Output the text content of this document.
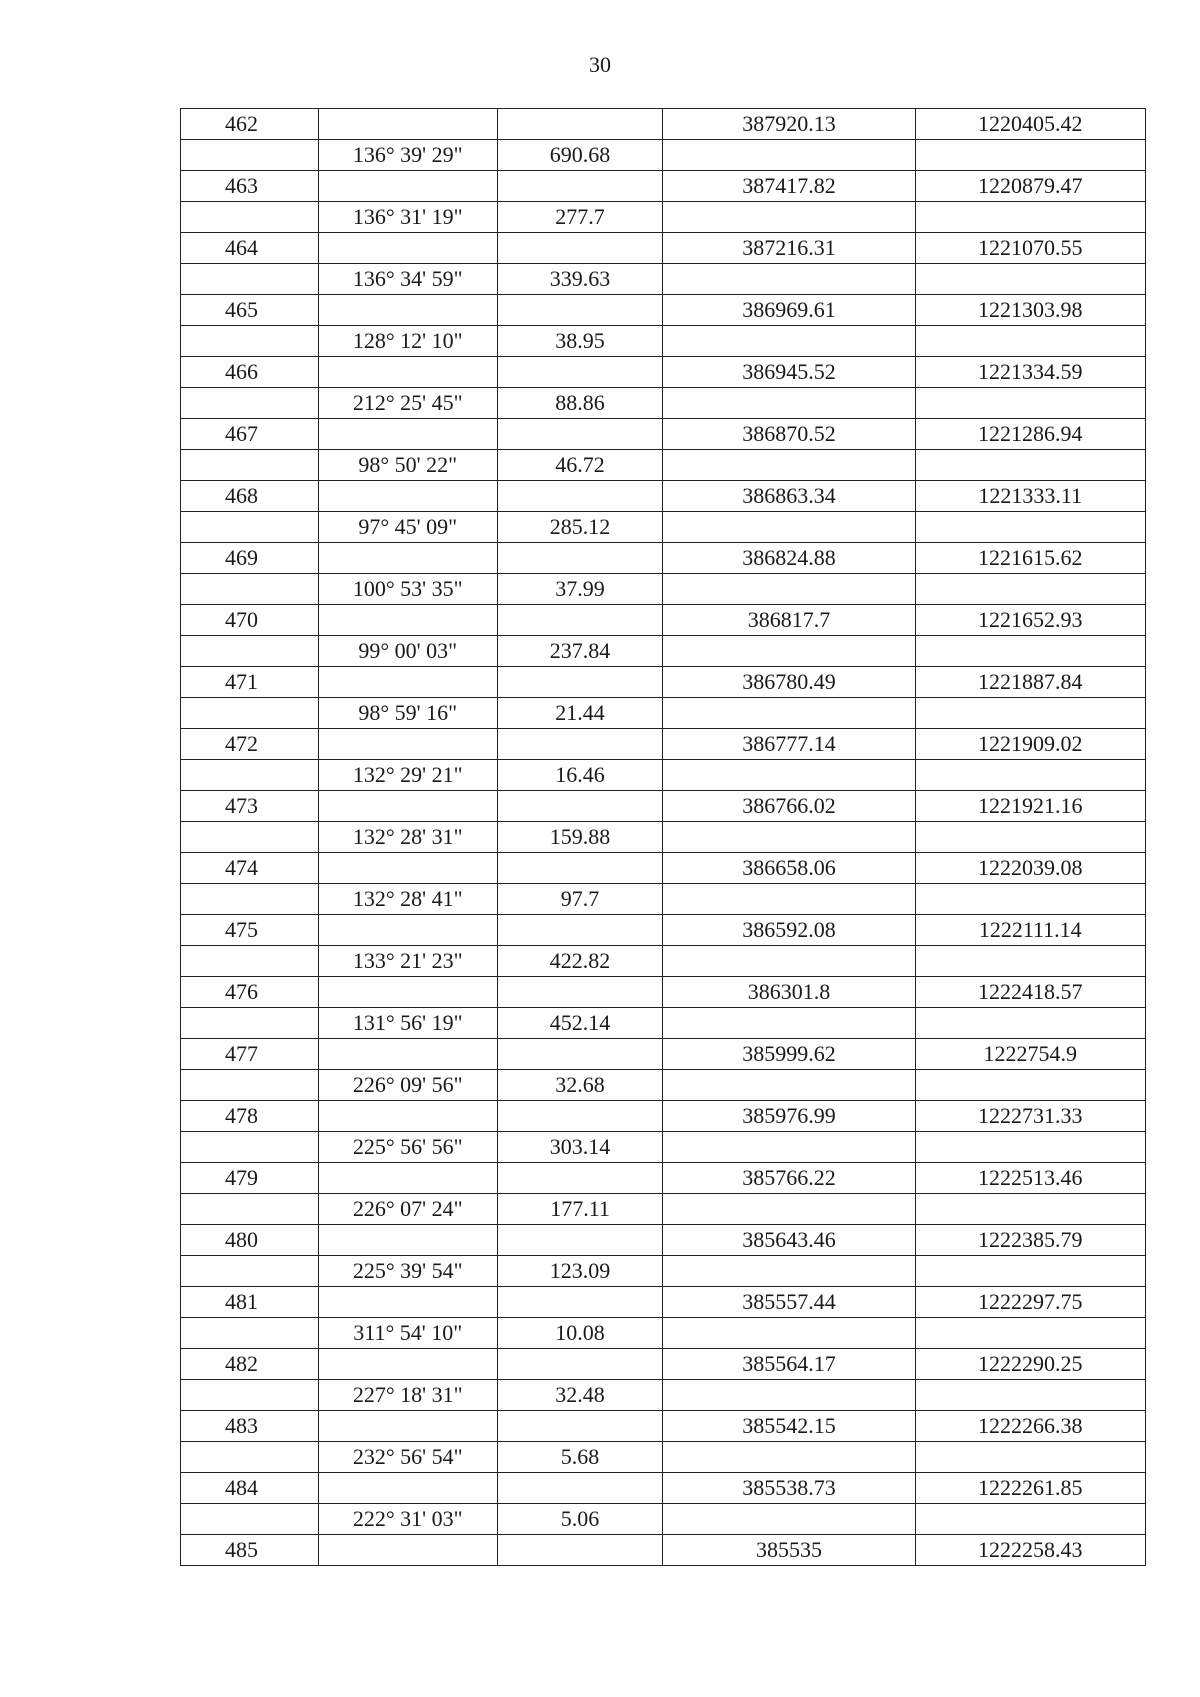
30
462			387920.13	1220405.42
	136° 39' 29"	690.68		
463			387417.82	1220879.47
	136° 31' 19"	277.7		
464			387216.31	1221070.55
	136° 34' 59"	339.63		
465			386969.61	1221303.98
	128° 12' 10"	38.95		
466			386945.52	1221334.59
	212° 25' 45"	88.86		
467			386870.52	1221286.94
	98° 50' 22"	46.72		
468			386863.34	1221333.11
	97° 45' 09"	285.12		
469			386824.88	1221615.62
	100° 53' 35"	37.99		
470			386817.7	1221652.93
	99° 00' 03"	237.84		
471			386780.49	1221887.84
	98° 59' 16"	21.44		
472			386777.14	1221909.02
	132° 29' 21"	16.46		
473			386766.02	1221921.16
	132° 28' 31"	159.88		
474			386658.06	1222039.08
	132° 28' 41"	97.7		
475			386592.08	1222111.14
	133° 21' 23"	422.82		
476			386301.8	1222418.57
	131° 56' 19"	452.14		
477			385999.62	1222754.9
	226° 09' 56"	32.68		
478			385976.99	1222731.33
	225° 56' 56"	303.14		
479			385766.22	1222513.46
	226° 07' 24"	177.11		
480			385643.46	1222385.79
	225° 39' 54"	123.09		
481			385557.44	1222297.75
	311° 54' 10"	10.08		
482			385564.17	1222290.25
	227° 18' 31"	32.48		
483			385542.15	1222266.38
	232° 56' 54"	5.68		
484			385538.73	1222261.85
	222° 31' 03"	5.06		
485			385535	1222258.43
